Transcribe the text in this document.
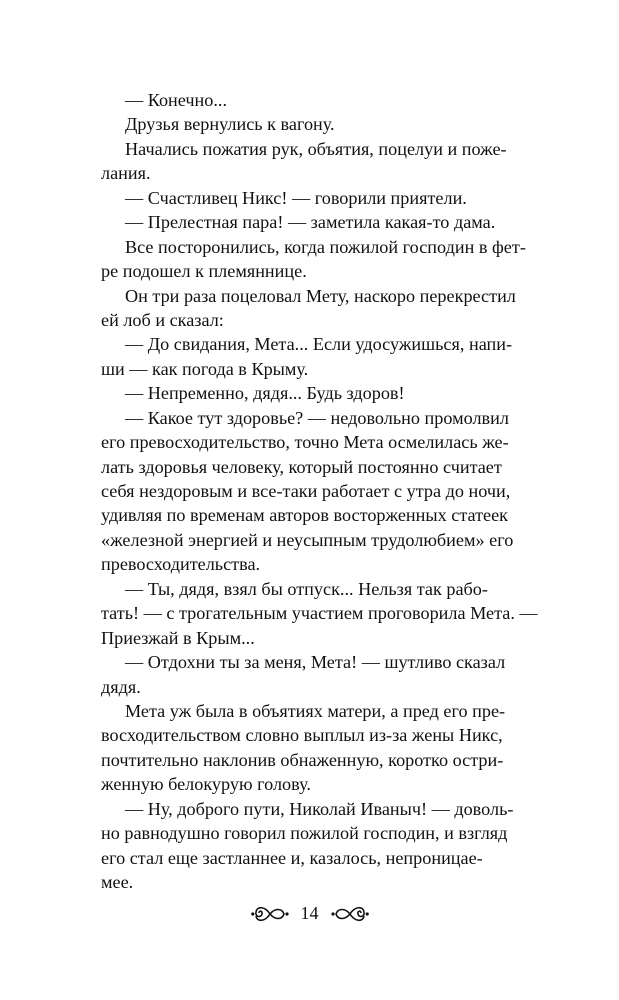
— Конечно...
Друзья вернулись к вагону.
Начались пожатия рук, объятия, поцелуи и поже-
лания.
— Счастливец Никс! — говорили приятели.
— Прелестная пара! — заметила какая-то дама.
Все посторонились, когда пожилой господин в фет-
ре подошел к племяннице.
Он три раза поцеловал Мету, наскоро перекрестил
ей лоб и сказал:
— До свидания, Мета... Если удосужишься, напи-
ши — как погода в Крыму.
— Непременно, дядя... Будь здоров!
— Какое тут здоровье? — недовольно промолвил
его превосходительство, точно Мета осмелилась же-
лать здоровья человеку, который постоянно считает
себя нездоровым и все-таки работает с утра до ночи,
удивляя по временам авторов восторженных статеек
«железной энергией и неусыпным трудолюбием» его
превосходительства.
— Ты, дядя, взял бы отпуск... Нельзя так рабо-
тать! — с трогательным участием проговорила Мета. —
Приезжай в Крым...
— Отдохни ты за меня, Мета! — шутливо сказал
дядя.
Мета уж была в объятиях матери, а пред его пре-
восходительством словно выплыл из-за жены Никс,
почтительно наклонив обнаженную, коротко остри-
женную белокурую голову.
— Ну, доброго пути, Николай Иваныч! — доволь-
но равнодушно говорил пожилой господин, и взгляд
его стал еще застланнее и, казалось, непроницае-
мее.
14
